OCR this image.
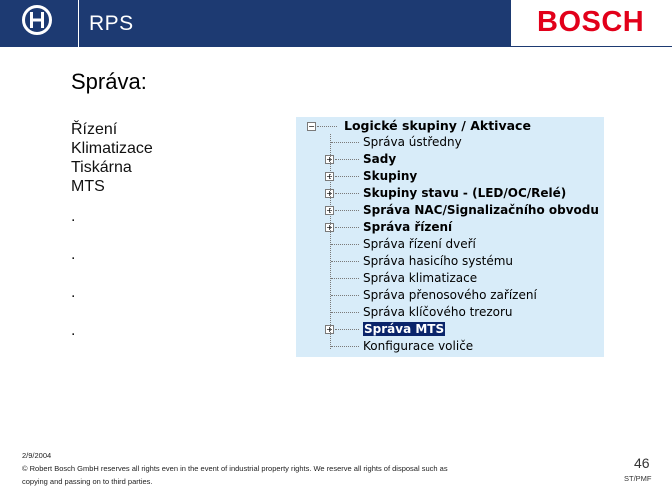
RPS	BOSCH
Správa:
Řízení
Klimatizace
Tiskárna
MTS
.
.
.
.
− Logické skupiny / Aktivace
Správa ústředny
+	Sady
+	Skupiny
+	Skupiny stavu - (LED/OC/Relé)
+	Správa NAC/Signalizačního obvodu
+	Správa řízení
Správa řízení dveří
Správa hasicího systému
Správa klimatizace
Správa přenosového zařízení
Správa klíčového trezoru
+	Správa MTS
Konfigurace voliče
2/9/2004
© Robert Bosch GmbH reserves all rights even in the event of industrial property rights. We reserve all rights of disposal such as
copying and passing on to third parties.
46
ST/PMF
